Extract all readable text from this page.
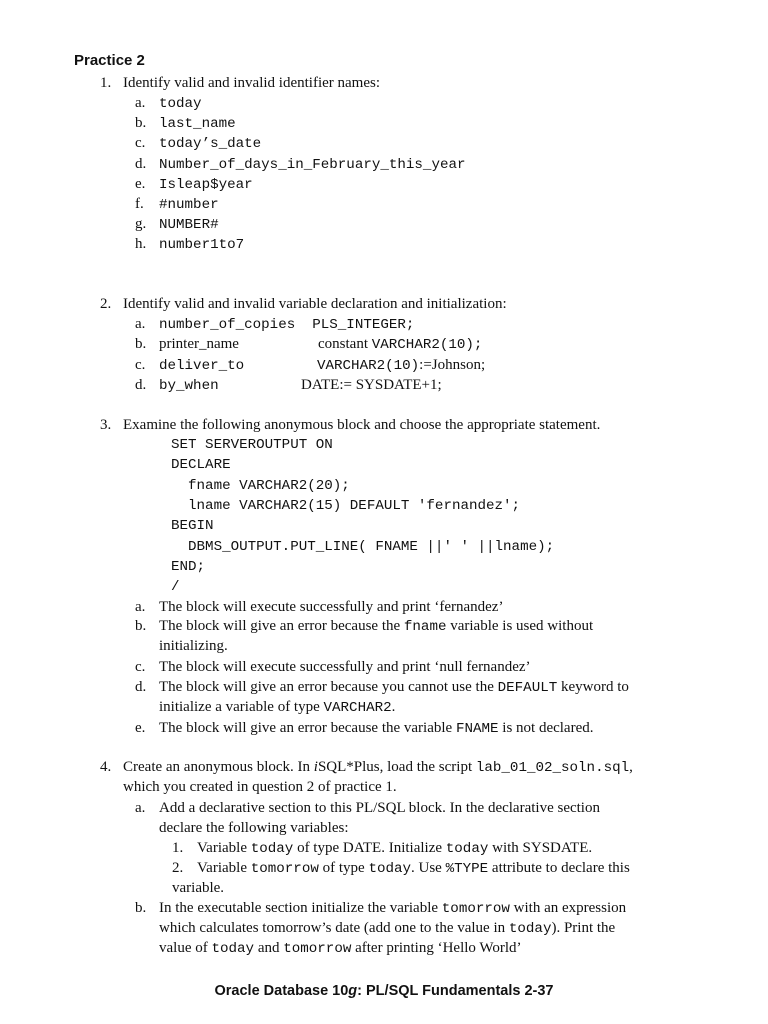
Practice 2
1. Identify valid and invalid identifier names:
a. today
b. last_name
c. today’s_date
d. Number_of_days_in_February_this_year
e. Isleap$year
f. #number
g. NUMBER#
h. number1to7
2. Identify valid and invalid variable declaration and initialization:
a. number_of_copies  PLS_INTEGER;
b. printer_name	constant VARCHAR2(10);
c. deliver_to	VARCHAR2(10):=Johnson;
d. by_when	DATE:= SYSDATE+1;
3. Examine the following anonymous block and choose the appropriate statement.
SET SERVEROUTPUT ON
DECLARE
fname VARCHAR2(20);
lname VARCHAR2(15) DEFAULT 'fernandez';
BEGIN
DBMS_OUTPUT.PUT_LINE( FNAME ||' ' ||lname);
END;
/
a. The block will execute successfully and print ‘fernandez’
b. The block will give an error because the fname variable is used without
initializing.
c. The block will execute successfully and print ‘null fernandez’
d. The block will give an error because you cannot use the DEFAULT keyword to
initialize a variable of type VARCHAR2.
e. The block will give an error because the variable FNAME is not declared.
4. Create an anonymous block. In iSQL*Plus, load the script lab_01_02_soln.sql,
which you created in question 2 of practice 1.
a. Add a declarative section to this PL/SQL block. In the declarative section
declare the following variables:
1. Variable today of type DATE. Initialize today with SYSDATE.
2. Variable tomorrow of type today. Use %TYPE attribute to declare this
variable.
b. In the executable section initialize the variable tomorrow with an expression
which calculates tomorrow’s date (add one to the value in today). Print the
value of today and tomorrow after printing ‘Hello World’
Oracle Database 10g: PL/SQL Fundamentals 2-37
